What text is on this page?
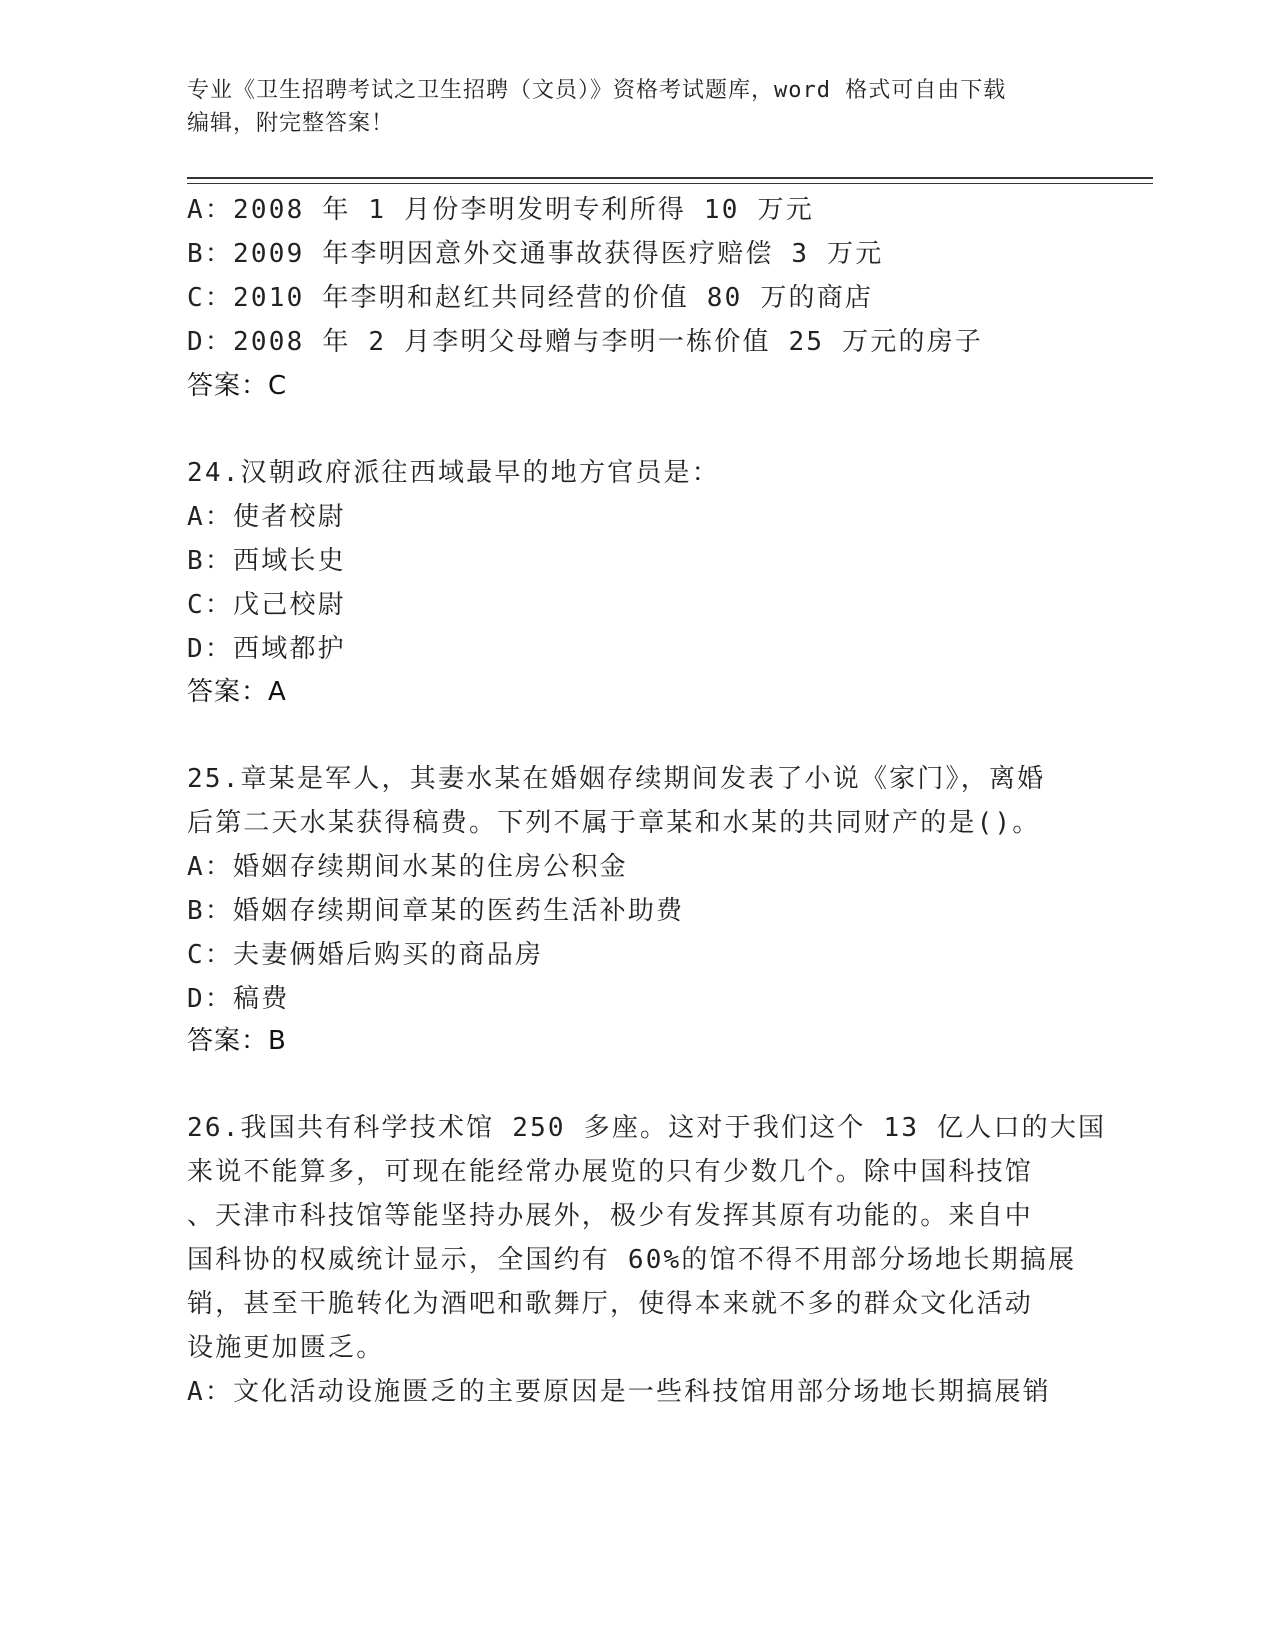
专业《卫生招聘考试之卫生招聘（文员）》资格考试题库，word 格式可自由下载
编辑，附完整答案！
A：2008 年 1 月份李明发明专利所得 10 万元
B：2009 年李明因意外交通事故获得医疗赔偿 3 万元
C：2010 年李明和赵红共同经营的价值 80 万的商店
D：2008 年 2 月李明父母赠与李明一栋价值 25 万元的房子
答案：C
24.汉朝政府派往西域最早的地方官员是：
A：使者校尉
B：西域长史
C：戊己校尉
D：西域都护
答案：A
25.章某是军人，其妻水某在婚姻存续期间发表了小说《家门》，离婚
后第二天水某获得稿费。下列不属于章某和水某的共同财产的是()。
A：婚姻存续期间水某的住房公积金
B：婚姻存续期间章某的医药生活补助费
C：夫妻俩婚后购买的商品房
D：稿费
答案：B
26.我国共有科学技术馆 250 多座。这对于我们这个 13 亿人口的大国
来说不能算多，可现在能经常办展览的只有少数几个。除中国科技馆
、天津市科技馆等能坚持办展外，极少有发挥其原有功能的。来自中
国科协的权威统计显示，全国约有 60%的馆不得不用部分场地长期搞展
销，甚至干脆转化为酒吧和歌舞厅，使得本来就不多的群众文化活动
设施更加匮乏。
A：文化活动设施匮乏的主要原因是一些科技馆用部分场地长期搞展销
